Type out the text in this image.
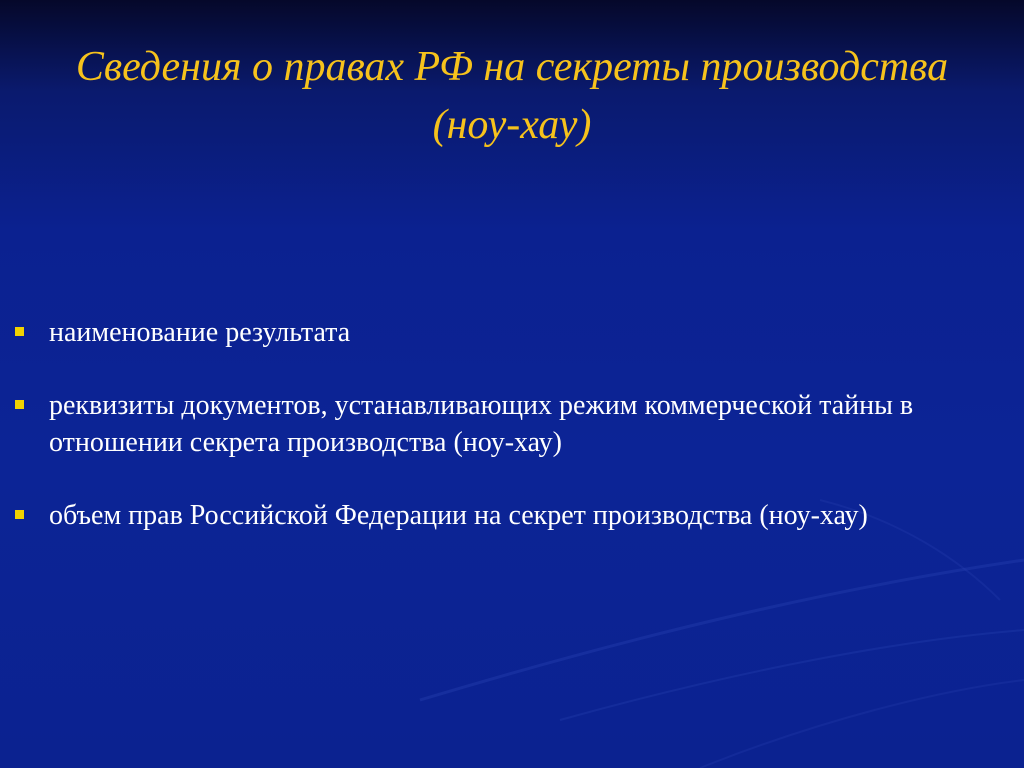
Сведения о правах РФ на секреты производства
(ноу-хау)
наименование результата
реквизиты документов, устанавливающих режим коммерческой тайны в отношении секрета производства (ноу-хау)
объем прав Российской Федерации на секрет производства (ноу-хау)
